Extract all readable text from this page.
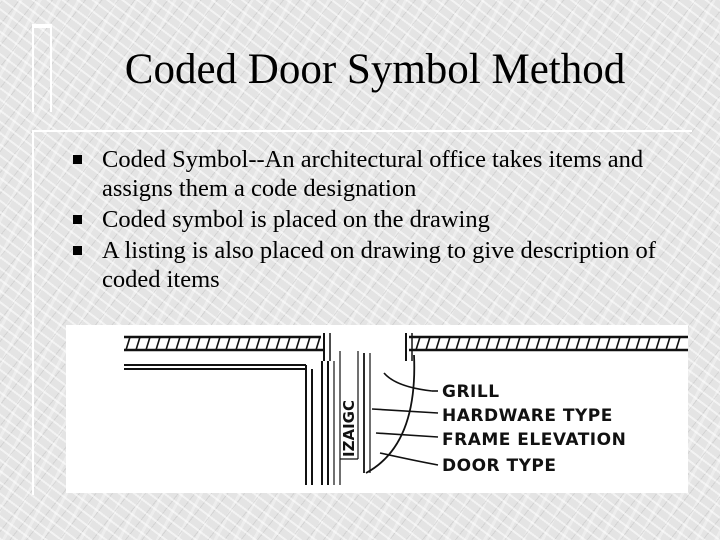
Coded Door Symbol Method
Coded Symbol--An architectural office takes items and assigns them a code designation
Coded symbol is placed on the drawing
A listing is also placed on drawing to give description of coded items
IZAIGC
GRILL
HARDWARE TYPE
FRAME ELEVATION
DOOR TYPE
